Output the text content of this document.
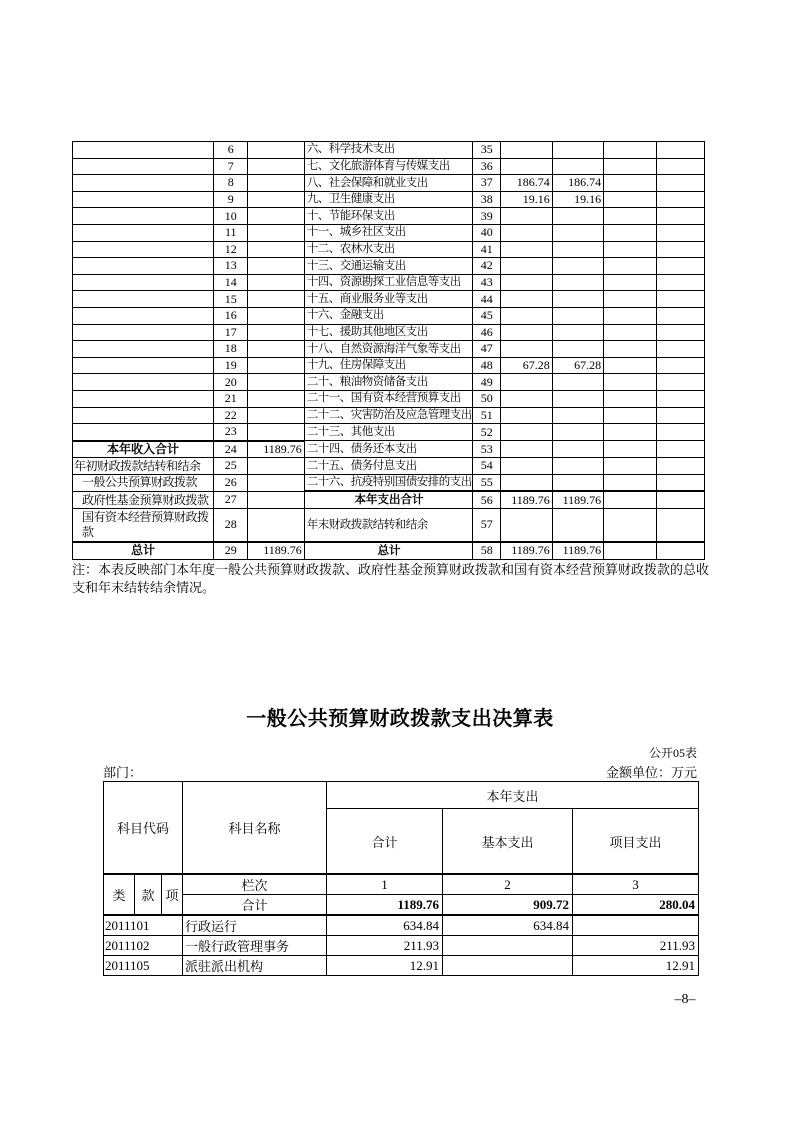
	6		六、科学技术支出	35				
	7		七、文化旅游体育与传媒支出	36				
	8		八、社会保障和就业支出	37	186.74	186.74		
	9		九、卫生健康支出	38	19.16	19.16		
	10		十、节能环保支出	39				
	11		十一、城乡社区支出	40				
	12		十二、农林水支出	41				
	13		十三、交通运输支出	42				
	14		十四、资源勘探工业信息等支出	43				
	15		十五、商业服务业等支出	44				
	16		十六、金融支出	45				
	17		十七、援助其他地区支出	46				
	18		十八、自然资源海洋气象等支出	47				
	19		十九、住房保障支出	48	67.28	67.28		
	20		二十、粮油物资储备支出	49				
	21		二十一、国有资本经营预算支出	50				
	22		二十二、灾害防治及应急管理支出	51				
	23		二十三、其他支出	52				
本年收入合计	24	1189.76	二十四、债务还本支出	53				
年初财政拨款结转和结余	25		二十五、债务付息支出	54				
一般公共预算财政拨款	26		二十六、抗疫特别国债安排的支出	55				
政府性基金预算财政拨款	27		本年支出合计	56	1189.76	1189.76		
国有资本经营预算财政拨款	28		年末财政拨款结转和结余	57				
总计	29	1189.76	总计	58	1189.76	1189.76		
注：本表反映部门本年度一般公共预算财政拨款、政府性基金预算财政拨款和国有资本经营预算财政拨款的总收支和年末结转结余情况。
一般公共预算财政拨款支出决算表
公开05表
部门：	金额单位：万元
科目代码			科目名称	本年支出		
				合计	基本支出	项目支出
类	款	项	栏次	1	2	3
			合计	1189.76	909.72	280.04
2011101			行政运行	634.84	634.84	
2011102			一般行政管理事务	211.93		211.93
2011105			派驻派出机构	12.91		12.91
–8–
